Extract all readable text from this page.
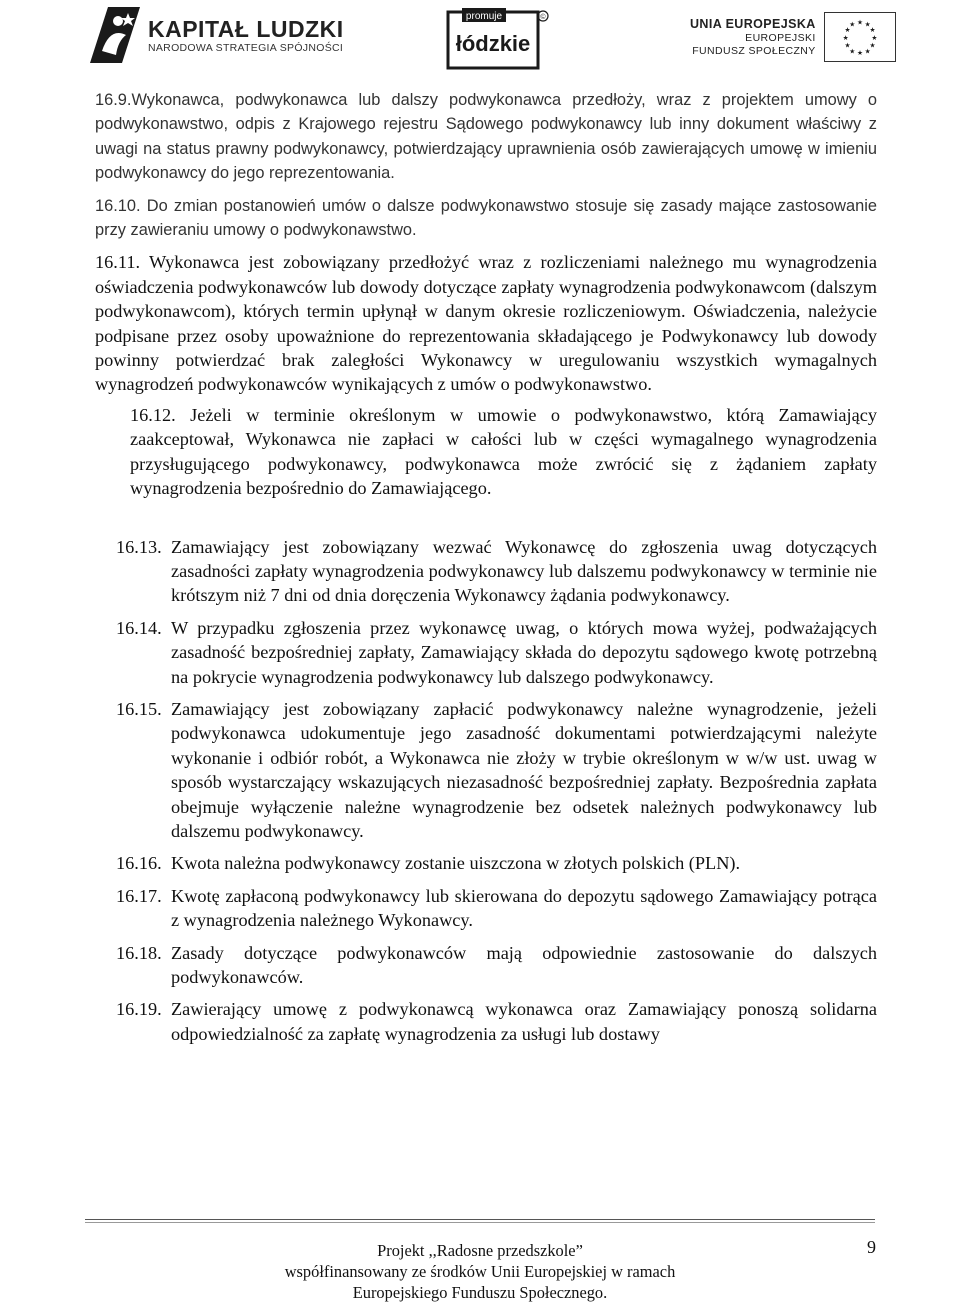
KAPITAŁ LUDZKI
NARODOWA STRATEGIA SPÓJNOŚCI
promuje
łódzkie
©	UNIA EUROPEJSKA
EUROPEJSKI
FUNDUSZ SPOŁECZNY
★ ★
★
★
★
★
★
★
★
★
★
★

16.9.Wykonawca, podwykonawca lub dalszy podwykonawca przedłoży, wraz z projektem umowy o podwykonawstwo, odpis z Krajowego rejestru Sądowego podwykonawcy lub inny dokument właściwy z uwagi na status prawny podwykonawcy, potwierdzający uprawnienia osób zawierających umowę w imieniu podwykonawcy do jego reprezentowania.

16.10. Do zmian postanowień umów o dalsze podwykonawstwo stosuje się zasady mające zastosowanie przy zawieraniu umowy o podwykonawstwo.

16.11. Wykonawca jest zobowiązany przedłożyć wraz z rozliczeniami należnego mu wynagrodzenia oświadczenia podwykonawców lub dowody dotyczące zapłaty wynagrodzenia podwykonawcom (dalszym podwykonawcom), których termin upłynął w danym okresie rozliczeniowym. Oświadczenia, należycie podpisane przez osoby upoważnione do reprezentowania składającego je Podwykonawcy lub dowody powinny potwierdzać brak zaległości Wykonawcy w uregulowaniu wszystkich wymagalnych wynagrodzeń podwykonawców wynikających z umów o podwykonawstwo.

16.12. Jeżeli w terminie określonym w umowie o podwykonawstwo, którą Zamawiający zaakceptował, Wykonawca nie zapłaci w całości lub w części wymagalnego wynagrodzenia przysługującego podwykonawcy, podwykonawca może zwrócić się z żądaniem zapłaty wynagrodzenia bezpośrednio do Zamawiającego.

16.13. Zamawiający jest zobowiązany wezwać Wykonawcę do zgłoszenia uwag dotyczących zasadności zapłaty wynagrodzenia podwykonawcy lub dalszemu podwykonawcy w terminie nie krótszym niż 7 dni od dnia doręczenia Wykonawcy żądania podwykonawcy.
16.14. W przypadku zgłoszenia przez wykonawcę uwag, o których mowa wyżej, podważających zasadność bezpośredniej zapłaty, Zamawiający składa do depozytu sądowego kwotę potrzebną na pokrycie wynagrodzenia podwykonawcy lub dalszego podwykonawcy.
16.15. Zamawiający jest zobowiązany zapłacić podwykonawcy należne wynagrodzenie, jeżeli podwykonawca udokumentuje jego zasadność dokumentami potwierdzającymi należyte wykonanie i odbiór robót, a Wykonawca nie złoży w trybie określonym w w/w ust. uwag w sposób wystarczający wskazujących niezasadność bezpośredniej zapłaty. Bezpośrednia zapłata obejmuje wyłączenie należne wynagrodzenie bez odsetek należnych podwykonawcy lub dalszemu podwykonawcy.
16.16. Kwota należna podwykonawcy zostanie uiszczona w złotych polskich (PLN).
16.17. Kwotę zapłaconą podwykonawcy lub skierowana do depozytu sądowego Zamawiający potrąca z wynagrodzenia należnego Wykonawcy.
16.18. Zasady dotyczące podwykonawców mają odpowiednie zastosowanie do dalszych podwykonawców.
16.19. Zawierający umowę z podwykonawcą wykonawca oraz Zamawiający ponoszą solidarna odpowiedzialność za zapłatę wynagrodzenia za usługi lub dostawy
Projekt ,,Radosne przedszkole”
współfinansowany ze środków Unii Europejskiej w ramach
Europejskiego Funduszu Społecznego.
9
